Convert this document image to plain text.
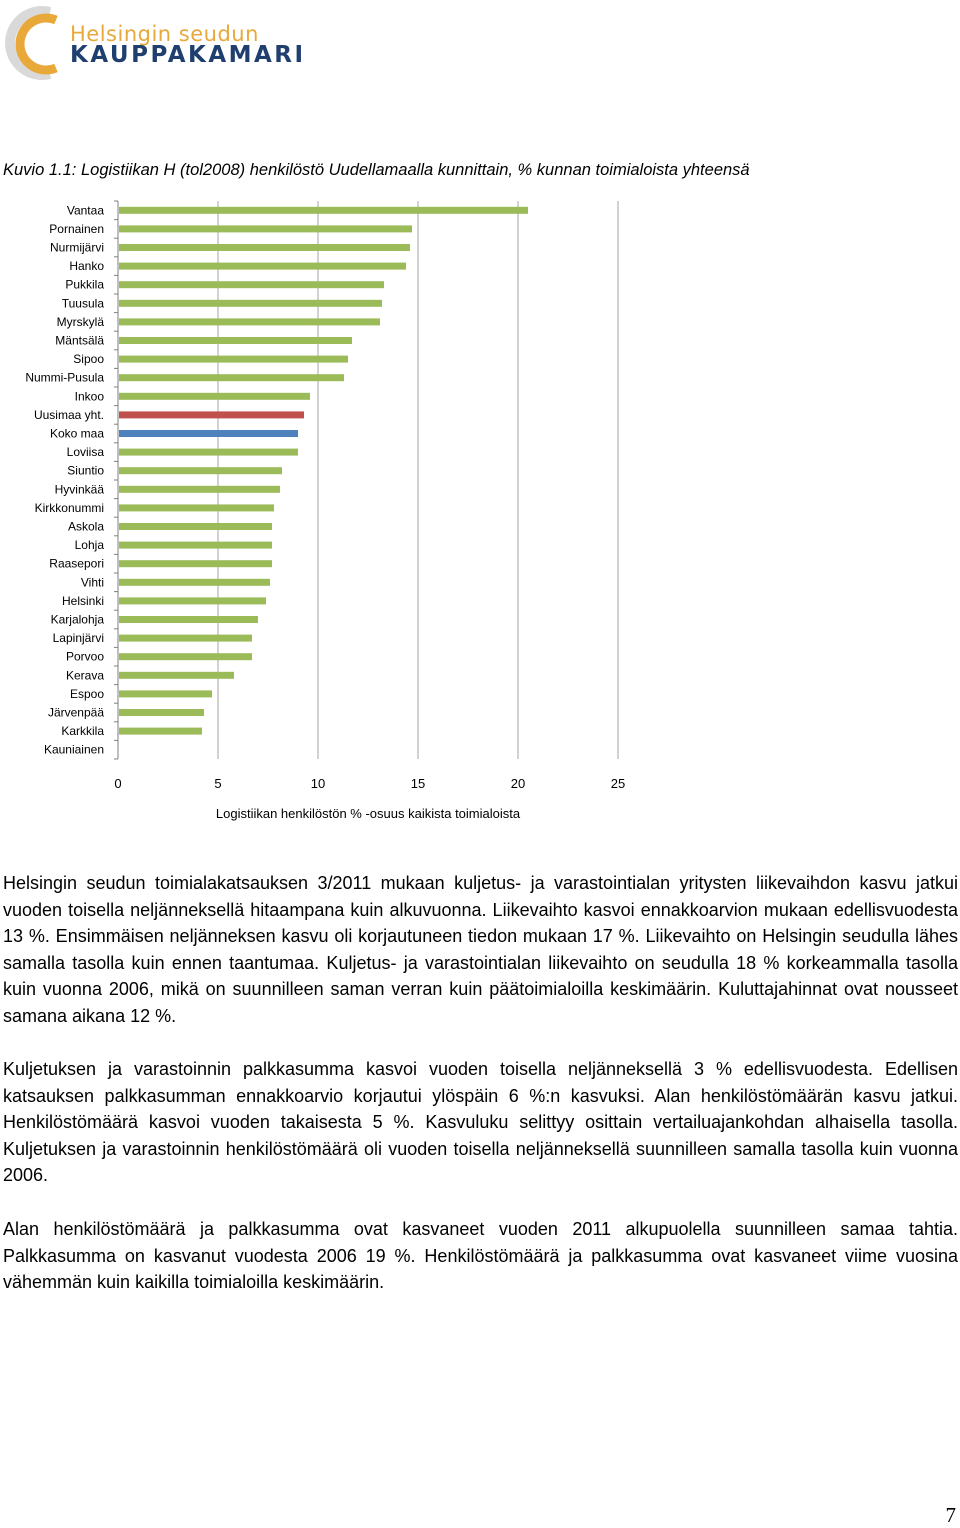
Helsingin seudun
KAUPPAKAMARI
Kuvio 1.1: Logistiikan H (tol2008) henkilöstö Uudellamaalla kunnittain, % kunnan toimialoista yhteensä
Vantaa
Pornainen
Nurmijärvi
Hanko
Pukkila
Tuusula
Myrskylä
Mäntsälä
Sipoo
Nummi-Pusula
Inkoo
Uusimaa yht.
Koko maa
Loviisa
Siuntio
Hyvinkää
Kirkkonummi
Askola
Lohja
Raasepori
Vihti
Helsinki
Karjalohja
Lapinjärvi
Porvoo
Kerava
Espoo
Järvenpää
Karkkila
Kauniainen
0	5	10	15	20	25
Logistiikan henkilöstön % -osuus kaikista toimialoista
Helsingin seudun toimialakatsauksen 3/2011 mukaan kuljetus- ja varastointialan yritysten liikevaihdon kasvu jatkui vuoden toisella neljänneksellä hitaampana kuin alkuvuonna. Liikevaihto kasvoi ennakkoarvion mukaan edellisvuodesta 13 %. Ensimmäisen neljänneksen kasvu oli korjautuneen tiedon mukaan 17 %. Liikevaihto on Helsingin seudulla lähes samalla tasolla kuin ennen taantumaa. Kuljetus- ja varastointialan liikevaihto on seudulla 18 % korkeammalla tasolla kuin vuonna 2006, mikä on suunnilleen saman verran kuin päätoimialoilla keskimäärin. Kuluttajahinnat ovat nousseet samana aikana 12 %.
Kuljetuksen ja varastoinnin palkkasumma kasvoi vuoden toisella neljänneksellä 3 % edellisvuodesta. Edellisen katsauksen palkkasumman ennakkoarvio korjautui ylöspäin 6 %:n kasvuksi. Alan henkilöstömäärän kasvu jatkui. Henkilöstömäärä kasvoi vuoden takaisesta 5 %. Kasvuluku selittyy osittain vertailuajankohdan alhaisella tasolla. Kuljetuksen ja varastoinnin henkilöstömäärä oli vuoden toisella neljänneksellä suunnilleen samalla tasolla kuin vuonna 2006.
Alan henkilöstömäärä ja palkkasumma ovat kasvaneet vuoden 2011 alkupuolella suunnilleen samaa tahtia. Palkkasumma on kasvanut vuodesta 2006 19 %. Henkilöstömäärä ja palkkasumma ovat kasvaneet viime vuosina vähemmän kuin kaikilla toimialoilla keskimäärin.
7
